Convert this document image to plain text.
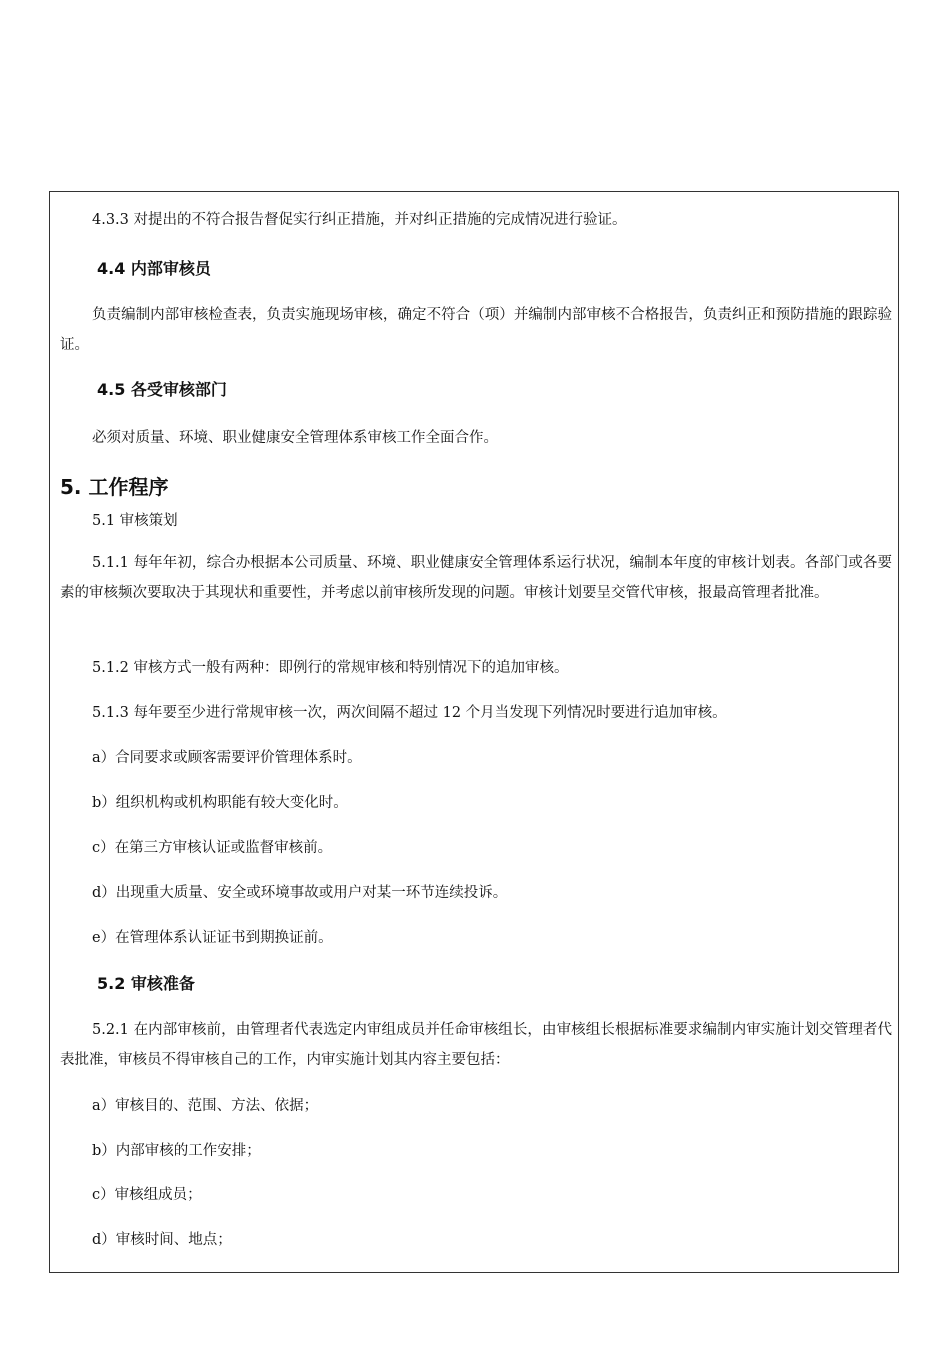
4.3.3 对提出的不符合报告督促实行纠正措施，并对纠正措施的完成情况进行验证。
4.4 内部审核员
负责编制内部审核检查表，负责实施现场审核，确定不符合（项）并编制内部审核不合格报告，负责纠正和预防措施的跟踪验证。
4.5 各受审核部门
必须对质量、环境、职业健康安全管理体系审核工作全面合作。
5. 工作程序
5.1 审核策划
5.1.1 每年年初，综合办根据本公司质量、环境、职业健康安全管理体系运行状况，编制本年度的审核计划表。各部门或各要素的审核频次要取决于其现状和重要性，并考虑以前审核所发现的问题。审核计划要呈交管代审核，报最高管理者批准。
5.1.2 审核方式一般有两种：即例行的常规审核和特别情况下的追加审核。
5.1.3 每年要至少进行常规审核一次，两次间隔不超过 12 个月当发现下列情况时要进行追加审核。
a）合同要求或顾客需要评价管理体系时。
b）组织机构或机构职能有较大变化时。
c）在第三方审核认证或监督审核前。
d）出现重大质量、安全或环境事故或用户对某一环节连续投诉。
e）在管理体系认证证书到期换证前。
5.2 审核准备
5.2.1 在内部审核前，由管理者代表选定内审组成员并任命审核组长，由审核组长根据标准要求编制内审实施计划交管理者代表批准，审核员不得审核自己的工作，内审实施计划其内容主要包括：
a）审核目的、范围、方法、依据；
b）内部审核的工作安排；
c）审核组成员；
d）审核时间、地点；
